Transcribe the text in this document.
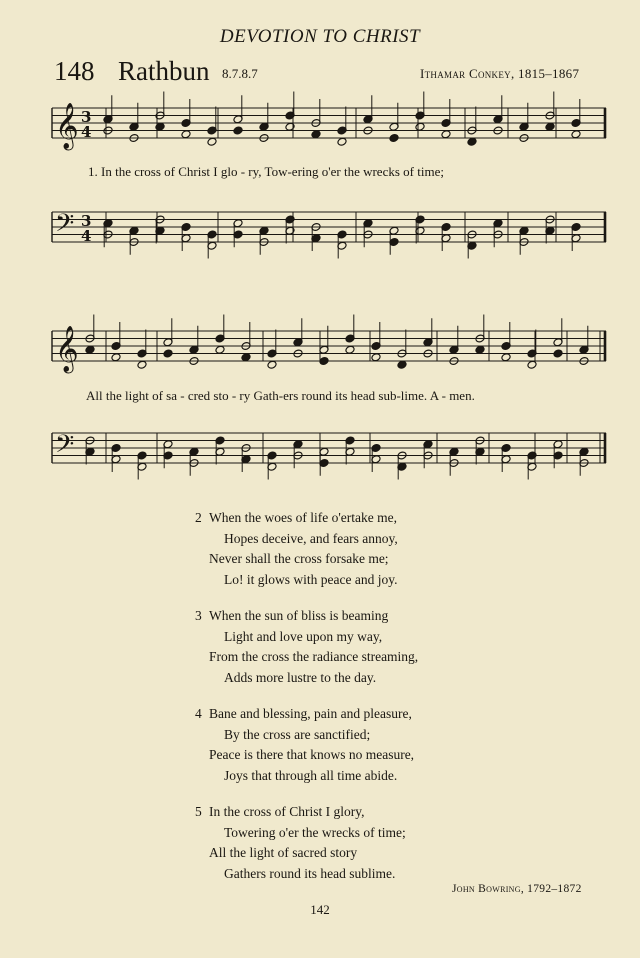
DEVOTION TO CHRIST
148 Rathbun 8.7.8.7	Ithamar Conkey, 1815–1867
𝄞 3
4
𝄢 3
4
𝄞
𝄢
1. In the cross of Christ I glo - ry, Tow-ering o'er the wrecks of time;
All the light of sa - cred sto - ry Gath-ers round its head sub-lime. A - men.
2 When the woes of life o'ertake me,
Hopes deceive, and fears annoy,
Never shall the cross forsake me;
Lo! it glows with peace and joy.
3 When the sun of bliss is beaming
Light and love upon my way,
From the cross the radiance streaming,
Adds more lustre to the day.
4 Bane and blessing, pain and pleasure,
By the cross are sanctified;
Peace is there that knows no measure,
Joys that through all time abide.
5 In the cross of Christ I glory,
Towering o'er the wrecks of time;
All the light of sacred story
Gathers round its head sublime.
John Bowring, 1792–1872
142
